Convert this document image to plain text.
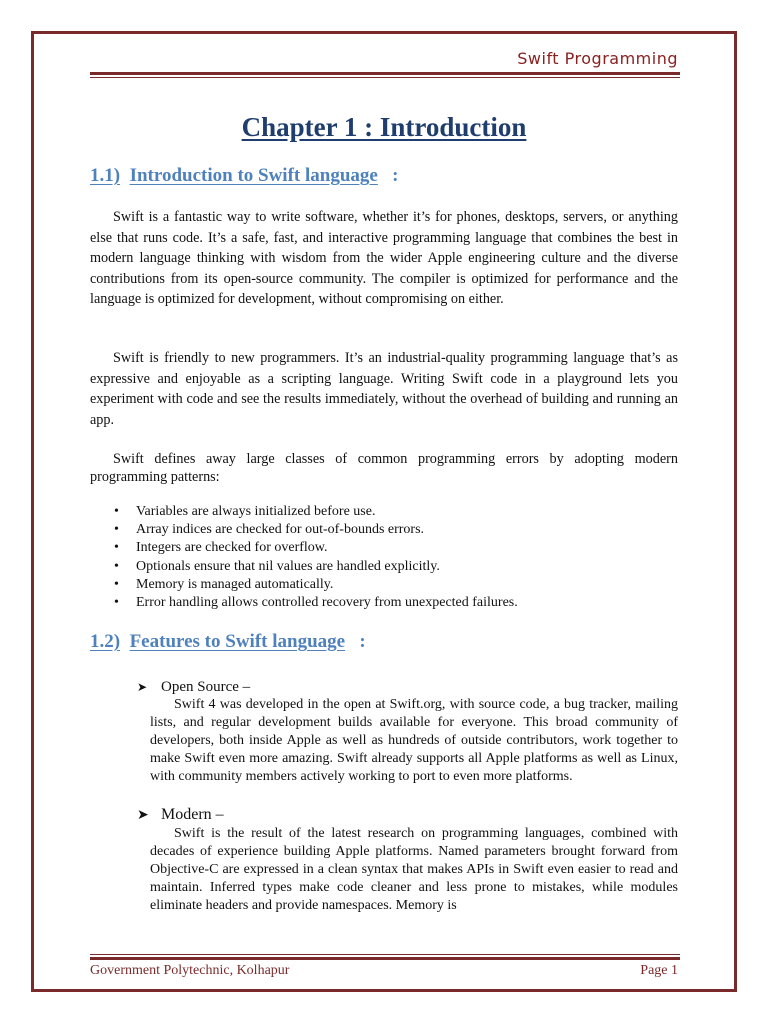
Swift Programming
Chapter 1 : Introduction
1.1) Introduction to Swift language :

Swift is a fantastic way to write software, whether it’s for phones, desktops, servers, or anything else that runs code. It’s a safe, fast, and interactive programming language that combines the best in modern language thinking with wisdom from the wider Apple engineering culture and the diverse contributions from its open-source community. The compiler is optimized for performance and the language is optimized for development, without compromising on either.

Swift is friendly to new programmers. It’s an industrial-quality programming language that’s as expressive and enjoyable as a scripting language. Writing Swift code in a playground lets you experiment with code and see the results immediately, without the overhead of building and running an app.

Swift defines away large classes of common programming errors by adopting modern programming patterns:

• Variables are always initialized before use.
• Array indices are checked for out-of-bounds errors.
• Integers are checked for overflow.
• Optionals ensure that nil values are handled explicitly.
• Memory is managed automatically.
• Error handling allows controlled recovery from unexpected failures.
1.2) Features to Swift language :
➤ Open Source –

Swift 4 was developed in the open at Swift.org, with source code, a bug tracker, mailing lists, and regular development builds available for everyone. This broad community of developers, both inside Apple as well as hundreds of outside contributors, work together to make Swift even more amazing. Swift already supports all Apple platforms as well as Linux, with community members actively working to port to even more platforms.

➤ Modern –

Swift is the result of the latest research on programming languages, combined with decades of experience building Apple platforms. Named parameters brought forward from Objective-C are expressed in a clean syntax that makes APIs in Swift even easier to read and maintain. Inferred types make code cleaner and less prone to mistakes, while modules eliminate headers and provide namespaces. Memory is

Government Polytechnic, Kolhapur	Page 1
